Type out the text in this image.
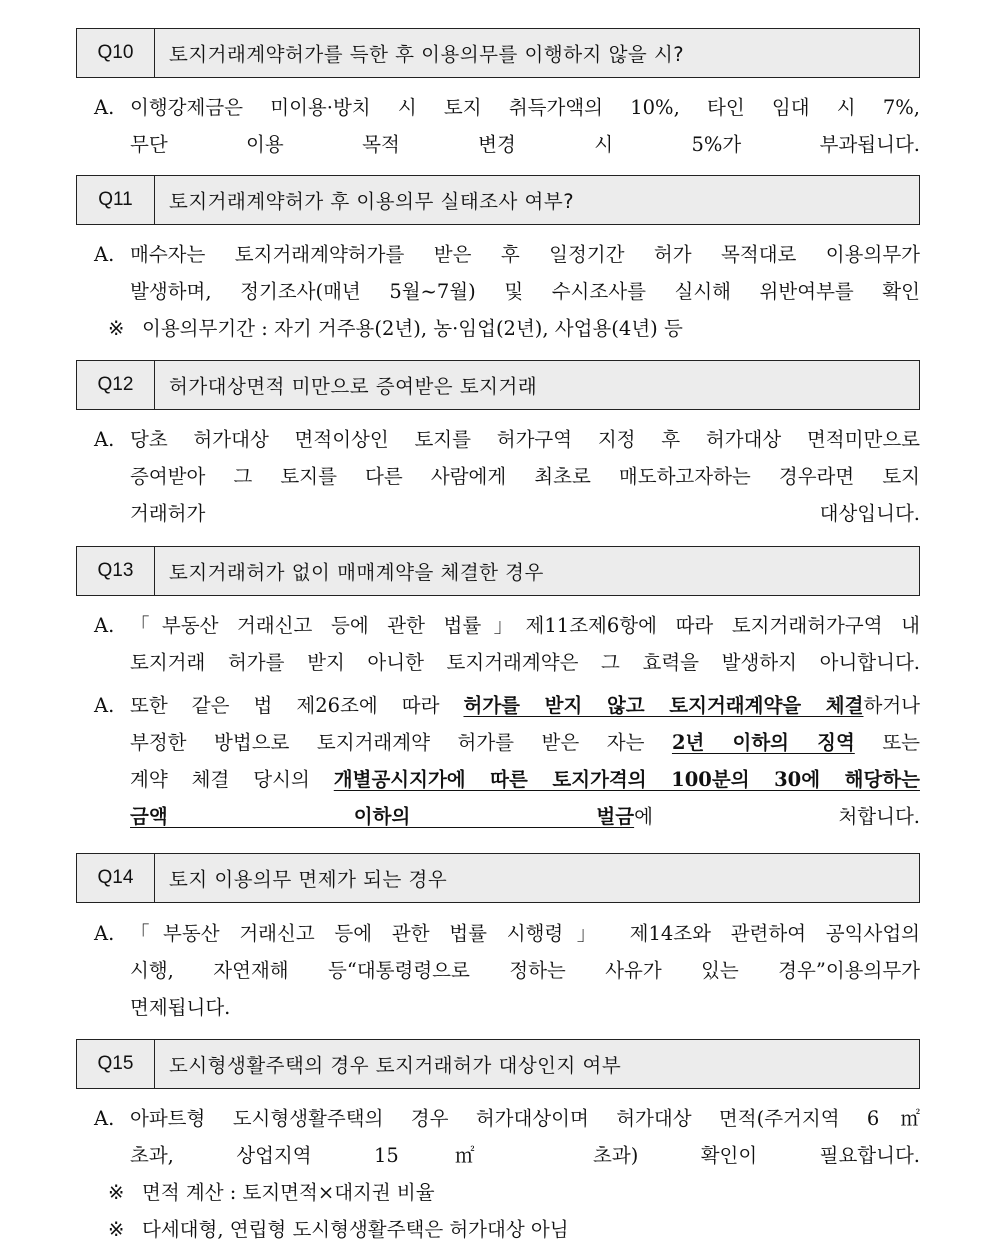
Q10	토지거래계약허가를 득한 후 이용의무를 이행하지 않을 시?
A. 이행강제금은 미이용·방치 시 토지 취득가액의 10%, 타인 임대 시 7%,
무단 이용 목적 변경 시 5%가 부과됩니다.
Q11	토지거래계약허가 후 이용의무 실태조사 여부?
A. 매수자는 토지거래계약허가를 받은 후 일정기간 허가 목적대로 이용의무가
발생하며, 정기조사(매년 5월~7월) 및 수시조사를 실시해 위반여부를 확인
※ 이용의무기간 : 자기 거주용(2년), 농·임업(2년), 사업용(4년) 등
Q12	허가대상면적 미만으로 증여받은 토지거래
A. 당초 허가대상 면적이상인 토지를 허가구역 지정 후 허가대상 면적미만으로
증여받아 그 토지를 다른 사람에게 최초로 매도하고자하는 경우라면 토지
거래허가 대상입니다.
Q13	토지거래허가 없이 매매계약을 체결한 경우
A. 「부동산 거래신고 등에 관한 법률」제11조제6항에 따라 토지거래허가구역 내
토지거래 허가를 받지 아니한 토지거래계약은 그 효력을 발생하지 아니합니다.
A. 또한 같은 법 제26조에 따라 허가를 받지 않고 토지거래계약을 체결하거나
부정한 방법으로 토지거래계약 허가를 받은 자는 2년 이하의 징역 또는
계약 체결 당시의 개별공시지가에 따른 토지가격의 100분의 30에 해당하는
금액 이하의 벌금에 처합니다.
Q14	토지 이용의무 면제가 되는 경우
A. 「부동산 거래신고 등에 관한 법률 시행령」 제14조와 관련하여 공익사업의
시행, 자연재해 등“대통령령으로 정하는 사유가 있는 경우”이용의무가
면제됩니다.
Q15	도시형생활주택의 경우 토지거래허가 대상인지 여부
A. 아파트형 도시형생활주택의 경우 허가대상이며 허가대상 면적(주거지역 6㎡
초과, 상업지역 15㎡ 초과) 확인이 필요합니다.
※ 면적 계산 : 토지면적×대지권 비율
※ 다세대형, 연립형 도시형생활주택은 허가대상 아님
